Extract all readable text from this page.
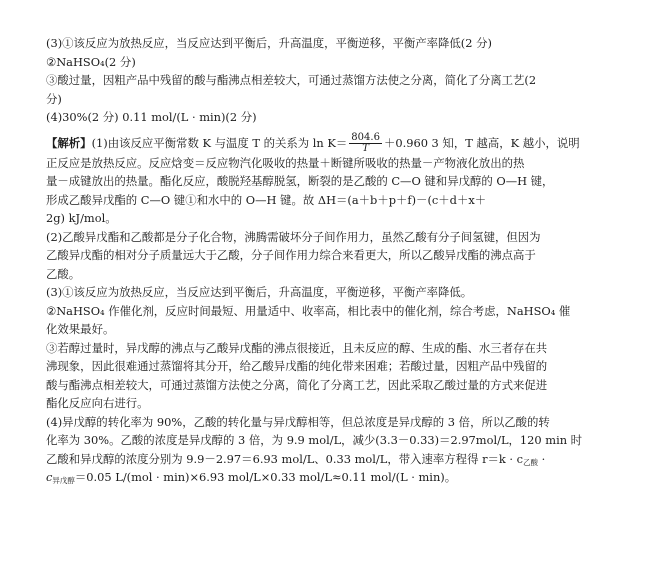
(3)①该反应为放热反应，当反应达到平衡后，升高温度，平衡逆移，平衡产率降低(2 分)
②NaHSO₄(2 分)
③酸过量，因粗产品中残留的酸与酯沸点相差较大，可通过蒸馏方法使之分离，简化了分离工艺(2
分)
(4)30%(2 分) 0.11 mol/(L · min)(2 分)
【解析】(1)由该反应平衡常数 K 与温度 T 的关系为 $\ln K= \frac{804.6}{T} +0.960$ 3 知，T 越高，K 越小，说明
正反应是放热反应。反应焓变＝反应物汽化吸收的热量＋断键所吸收的热量－产物液化放出的热
量－成键放出的热量。酯化反应，酸脱羟基醇脱氢，断裂的是乙酸的 C—O 键和异戊醇的 O—H 键，
形成乙酸异戊酯的 C—O 键①和水中的 O—H 键。故 ΔH＝(a＋b＋p＋f)－(c＋d＋x＋
2g) kJ/mol。
(2)乙酸异戊酯和乙酸都是分子化合物，沸腾需破坏分子间作用力，虽然乙酸有分子间氢键，但因为
乙酸异戊酯的相对分子质量远大于乙酸，分子间作用力综合来看更大，所以乙酸异戊酯的沸点高于
乙酸。
(3)①该反应为放热反应，当反应达到平衡后，升高温度，平衡逆移，平衡产率降低。
②NaHSO₄ 作催化剂，反应时间最短、用量适中、收率高，相比表中的催化剂，综合考虑，NaHSO₄ 催
化效果最好。
③若醇过量时，异戊醇的沸点与乙酸异戊酯的沸点很接近，且未反应的醇、生成的酯、水三者存在共
沸现象，因此很难通过蒸馏将其分开，给乙酸异戊酯的纯化带来困难；若酸过量，因粗产品中残留的
酸与酯沸点相差较大，可通过蒸馏方法使之分离，简化了分离工艺，因此采取乙酸过量的方式来促进
酯化反应向右进行。
(4)异戊醇的转化率为 90%，乙酸的转化量与异戊醇相等，但总浓度是异戊醇的 3 倍，所以乙酸的转
化率为 30%。乙酸的浓度是异戊醇的 3 倍，为 9.9 mol/L，减少(3.3－0.33)＝2.97mol/L，120 min 时
乙酸和异戊醇的浓度分别为 9.9－2.97＝6.93 mol/L、0.33 mol/L，带入速率方程得 $r=k \cdot c_{乙酸}$ ·
$c_{异戊醇}=0.05$ L/(mol · min)×6.93 mol/L×0.33 mol/L≈0.11 mol/(L · min)。
